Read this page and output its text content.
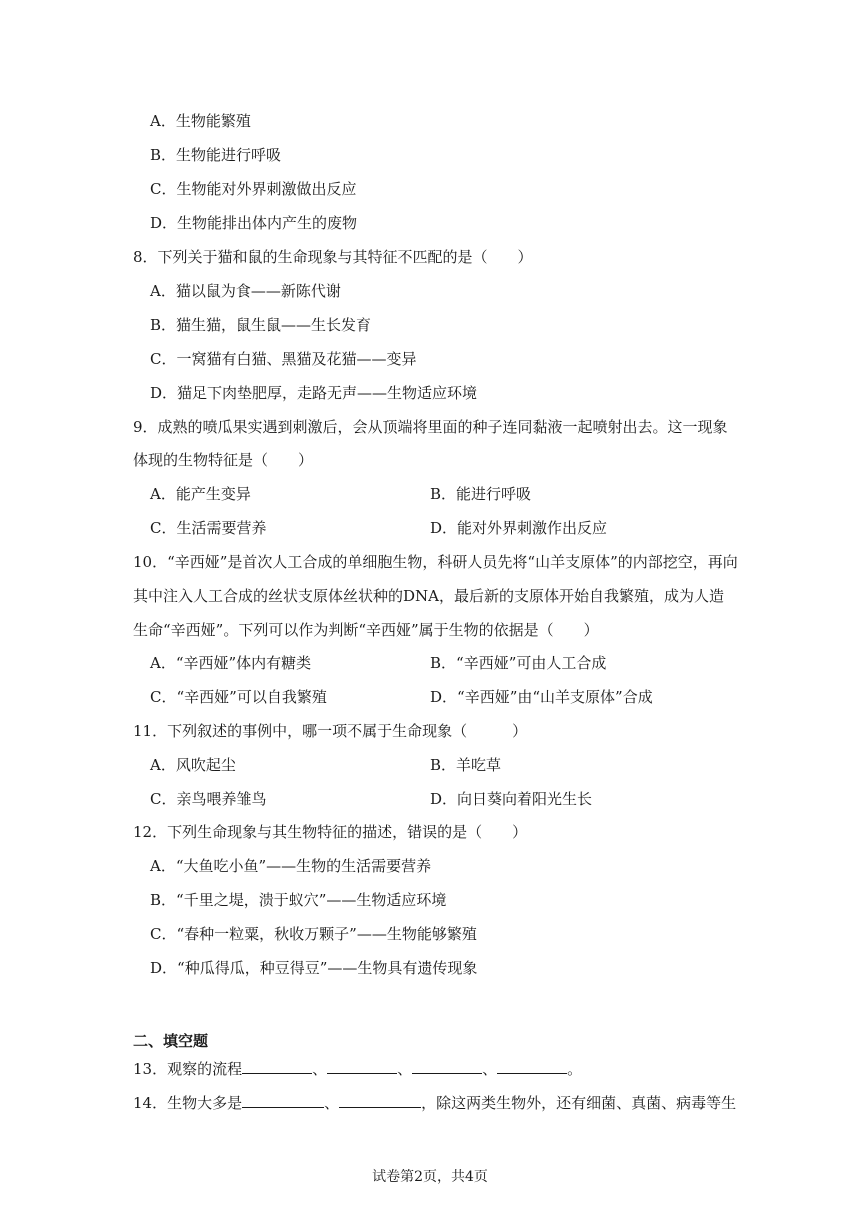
A．生物能繁殖
B．生物能进行呼吸
C．生物能对外界刺激做出反应
D．生物能排出体内产生的废物
8．下列关于猫和鼠的生命现象与其特征不匹配的是（　　）
A．猫以鼠为食——新陈代谢
B．猫生猫，鼠生鼠——生长发育
C．一窝猫有白猫、黑猫及花猫——变异
D．猫足下肉垫肥厚，走路无声——生物适应环境
9．成熟的喷瓜果实遇到刺激后，会从顶端将里面的种子连同黏液一起喷射出去。这一现象
体现的生物特征是（　　）
A．能产生变异	B．能进行呼吸
C．生活需要营养	D．能对外界刺激作出反应
10．“辛西娅”是首次人工合成的单细胞生物，科研人员先将“山羊支原体”的内部挖空，再向
其中注入人工合成的丝状支原体丝状种的DNA，最后新的支原体开始自我繁殖，成为人造
生命“辛西娅”。下列可以作为判断“辛西娅”属于生物的依据是（　　）
A．“辛西娅”体内有糖类	B．“辛西娅”可由人工合成
C．“辛西娅”可以自我繁殖	D．“辛西娅”由“山羊支原体”合成
11．下列叙述的事例中，哪一项不属于生命现象（　　　）
A．风吹起尘	B．羊吃草
C．亲鸟喂养雏鸟	D．向日葵向着阳光生长
12．下列生命现象与其生物特征的描述，错误的是（　　）
A．“大鱼吃小鱼”——生物的生活需要营养
B．“千里之堤，溃于蚁穴”——生物适应环境
C．“春种一粒粟，秋收万颗子”——生物能够繁殖
D．“种瓜得瓜，种豆得豆”——生物具有遗传现象
二、填空题
13．观察的流程	、	、	、	。
14．生物大多是	、	，除这两类生物外，还有细菌、真菌、病毒等生
试卷第2页，共4页
